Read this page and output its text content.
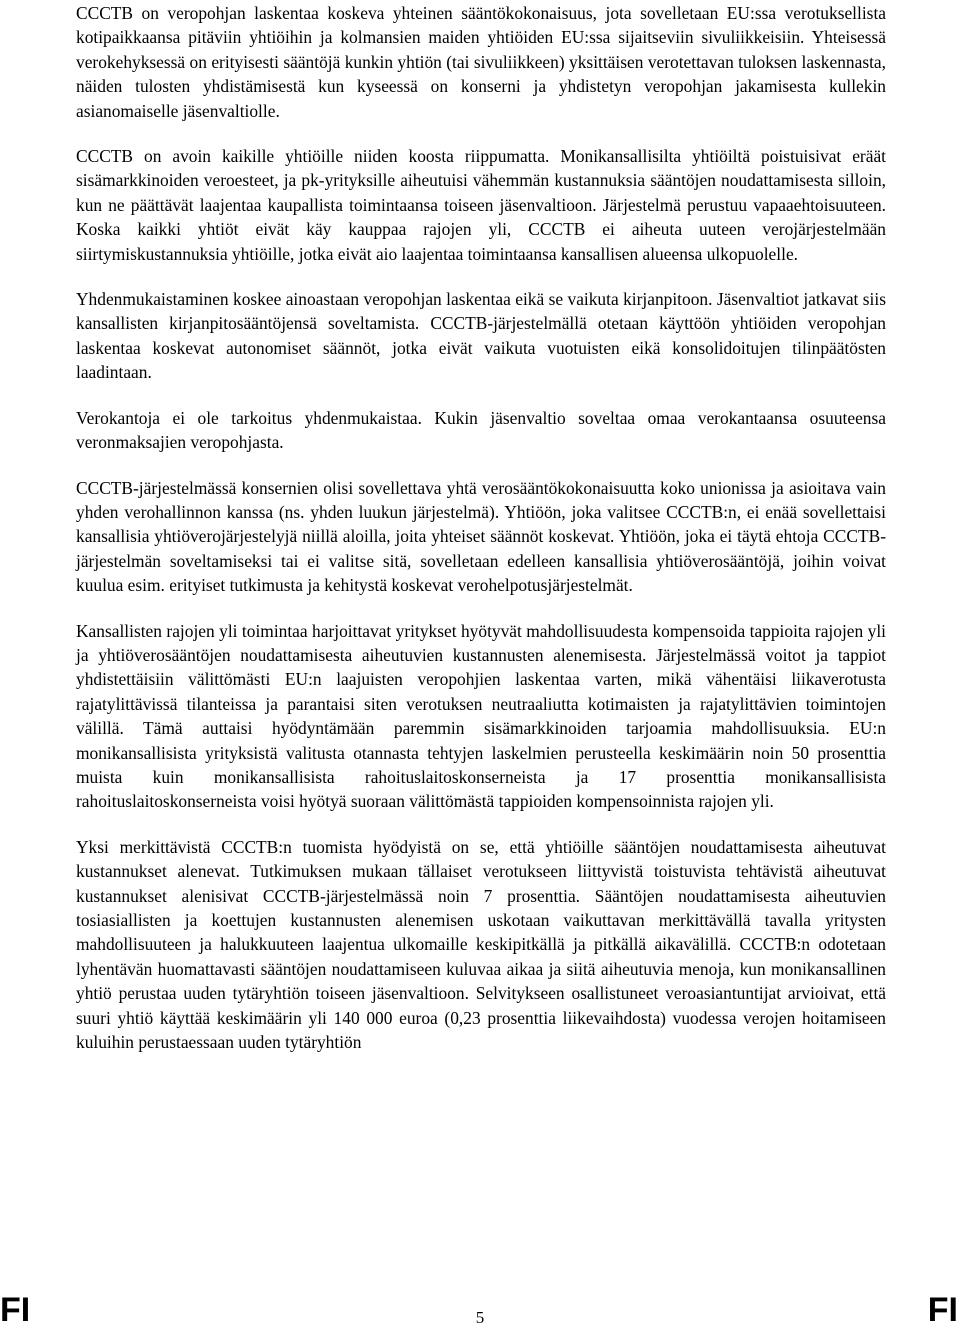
CCCTB on veropohjan laskentaa koskeva yhteinen sääntökokonaisuus, jota sovelletaan EU:ssa verotuksellista kotipaikkaansa pitäviin yhtiöihin ja kolmansien maiden yhtiöiden EU:ssa sijaitseviin sivuliikkeisiin. Yhteisessä verokehyksessä on erityisesti sääntöjä kunkin yhtiön (tai sivuliikkeen) yksittäisen verotettavan tuloksen laskennasta, näiden tulosten yhdistämisestä kun kyseessä on konserni ja yhdistetyn veropohjan jakamisesta kullekin asianomaiselle jäsenvaltiolle.

CCCTB on avoin kaikille yhtiöille niiden koosta riippumatta. Monikansallisilta yhtiöiltä poistuisivat eräät sisämarkkinoiden veroesteet, ja pk-yrityksille aiheutuisi vähemmän kustannuksia sääntöjen noudattamisesta silloin, kun ne päättävät laajentaa kaupallista toimintaansa toiseen jäsenvaltioon. Järjestelmä perustuu vapaaehtoisuuteen. Koska kaikki yhtiöt eivät käy kauppaa rajojen yli, CCCTB ei aiheuta uuteen verojärjestelmään siirtymiskustannuksia yhtiöille, jotka eivät aio laajentaa toimintaansa kansallisen alueensa ulkopuolelle.

Yhdenmukaistaminen koskee ainoastaan veropohjan laskentaa eikä se vaikuta kirjanpitoon. Jäsenvaltiot jatkavat siis kansallisten kirjanpitosääntöjensä soveltamista. CCCTB-järjestelmällä otetaan käyttöön yhtiöiden veropohjan laskentaa koskevat autonomiset säännöt, jotka eivät vaikuta vuotuisten eikä konsolidoitujen tilinpäätösten laadintaan.

Verokantoja ei ole tarkoitus yhdenmukaistaa. Kukin jäsenvaltio soveltaa omaa verokantaansa osuuteensa veronmaksajien veropohjasta.

CCCTB-järjestelmässä konsernien olisi sovellettava yhtä verosääntökokonaisuutta koko unionissa ja asioitava vain yhden verohallinnon kanssa (ns. yhden luukun järjestelmä). Yhtiöön, joka valitsee CCCTB:n, ei enää sovellettaisi kansallisia yhtiöverojärjestelyjä niillä aloilla, joita yhteiset säännöt koskevat. Yhtiöön, joka ei täytä ehtoja CCCTB-järjestelmän soveltamiseksi tai ei valitse sitä, sovelletaan edelleen kansallisia yhtiöverosääntöjä, joihin voivat kuulua esim. erityiset tutkimusta ja kehitystä koskevat verohelpotusjärjestelmät.

Kansallisten rajojen yli toimintaa harjoittavat yritykset hyötyvät mahdollisuudesta kompensoida tappioita rajojen yli ja yhtiöverosääntöjen noudattamisesta aiheutuvien kustannusten alenemisesta. Järjestelmässä voitot ja tappiot yhdistettäisiin välittömästi EU:n laajuisten veropohjien laskentaa varten, mikä vähentäisi liikaverotusta rajatylittävissä tilanteissa ja parantaisi siten verotuksen neutraaliutta kotimaisten ja rajatylittävien toimintojen välillä. Tämä auttaisi hyödyntämään paremmin sisämarkkinoiden tarjoamia mahdollisuuksia. EU:n monikansallisista yrityksistä valitusta otannasta tehtyjen laskelmien perusteella keskimäärin noin 50 prosenttia muista kuin monikansallisista rahoituslaitoskonserneista ja 17 prosenttia monikansallisista rahoituslaitoskonserneista voisi hyötyä suoraan välittömästä tappioiden kompensoinnista rajojen yli.

Yksi merkittävistä CCCTB:n tuomista hyödyistä on se, että yhtiöille sääntöjen noudattamisesta aiheutuvat kustannukset alenevat. Tutkimuksen mukaan tällaiset verotukseen liittyvistä toistuvista tehtävistä aiheutuvat kustannukset alenisivat CCCTB-järjestelmässä noin 7 prosenttia. Sääntöjen noudattamisesta aiheutuvien tosiasiallisten ja koettujen kustannusten alenemisen uskotaan vaikuttavan merkittävällä tavalla yritysten mahdollisuuteen ja halukkuuteen laajentua ulkomaille keskipitkällä ja pitkällä aikavälillä. CCCTB:n odotetaan lyhentävän huomattavasti sääntöjen noudattamiseen kuluvaa aikaa ja siitä aiheutuvia menoja, kun monikansallinen yhtiö perustaa uuden tytäryhtiön toiseen jäsenvaltioon. Selvitykseen osallistuneet veroasiantuntijat arvioivat, että suuri yhtiö käyttää keskimäärin yli 140 000 euroa (0,23 prosenttia liikevaihdosta) vuodessa verojen hoitamiseen kuluihin perustaessaan uuden tytäryhtiön

FI	5	FI
